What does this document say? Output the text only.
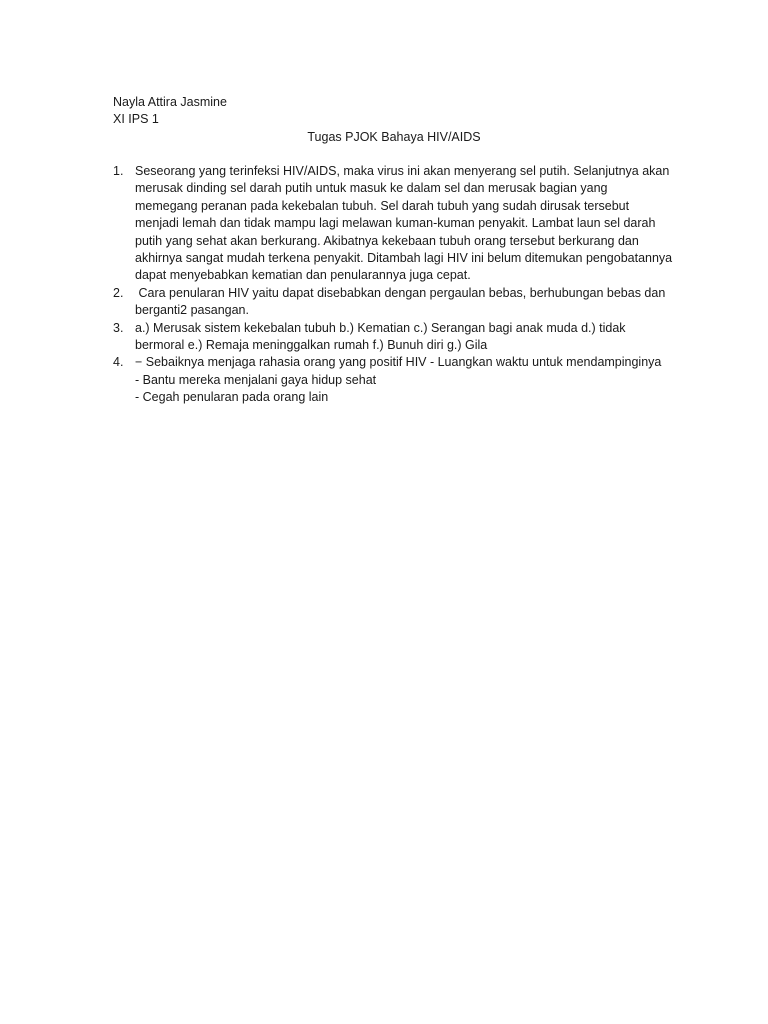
Nayla Attira Jasmine
XI IPS 1
Tugas PJOK Bahaya HIV/AIDS
1. Seseorang yang terinfeksi HIV/AIDS, maka virus ini akan menyerang sel putih. Selanjutnya akan merusak dinding sel darah putih untuk masuk ke dalam sel dan merusak bagian yang memegang peranan pada kekebalan tubuh. Sel darah tubuh yang sudah dirusak tersebut menjadi lemah dan tidak mampu lagi melawan kuman-kuman penyakit. Lambat laun sel darah putih yang sehat akan berkurang. Akibatnya kekebaan tubuh orang tersebut berkurang dan akhirnya sangat mudah terkena penyakit. Ditambah lagi HIV ini belum ditemukan pengobatannya dapat menyebabkan kematian dan penularannya juga cepat.
2. Cara penularan HIV yaitu dapat disebabkan dengan pergaulan bebas, berhubungan bebas dan berganti2 pasangan.
3. a.) Merusak sistem kekebalan tubuh b.) Kematian c.) Serangan bagi anak muda d.) tidak bermoral e.) Remaja meninggalkan rumah f.) Bunuh diri g.) Gila
4. − Sebaiknya menjaga rahasia orang yang positif HIV - Luangkan waktu untuk mendampinginya
- Bantu mereka menjalani gaya hidup sehat
- Cegah penularan pada orang lain
